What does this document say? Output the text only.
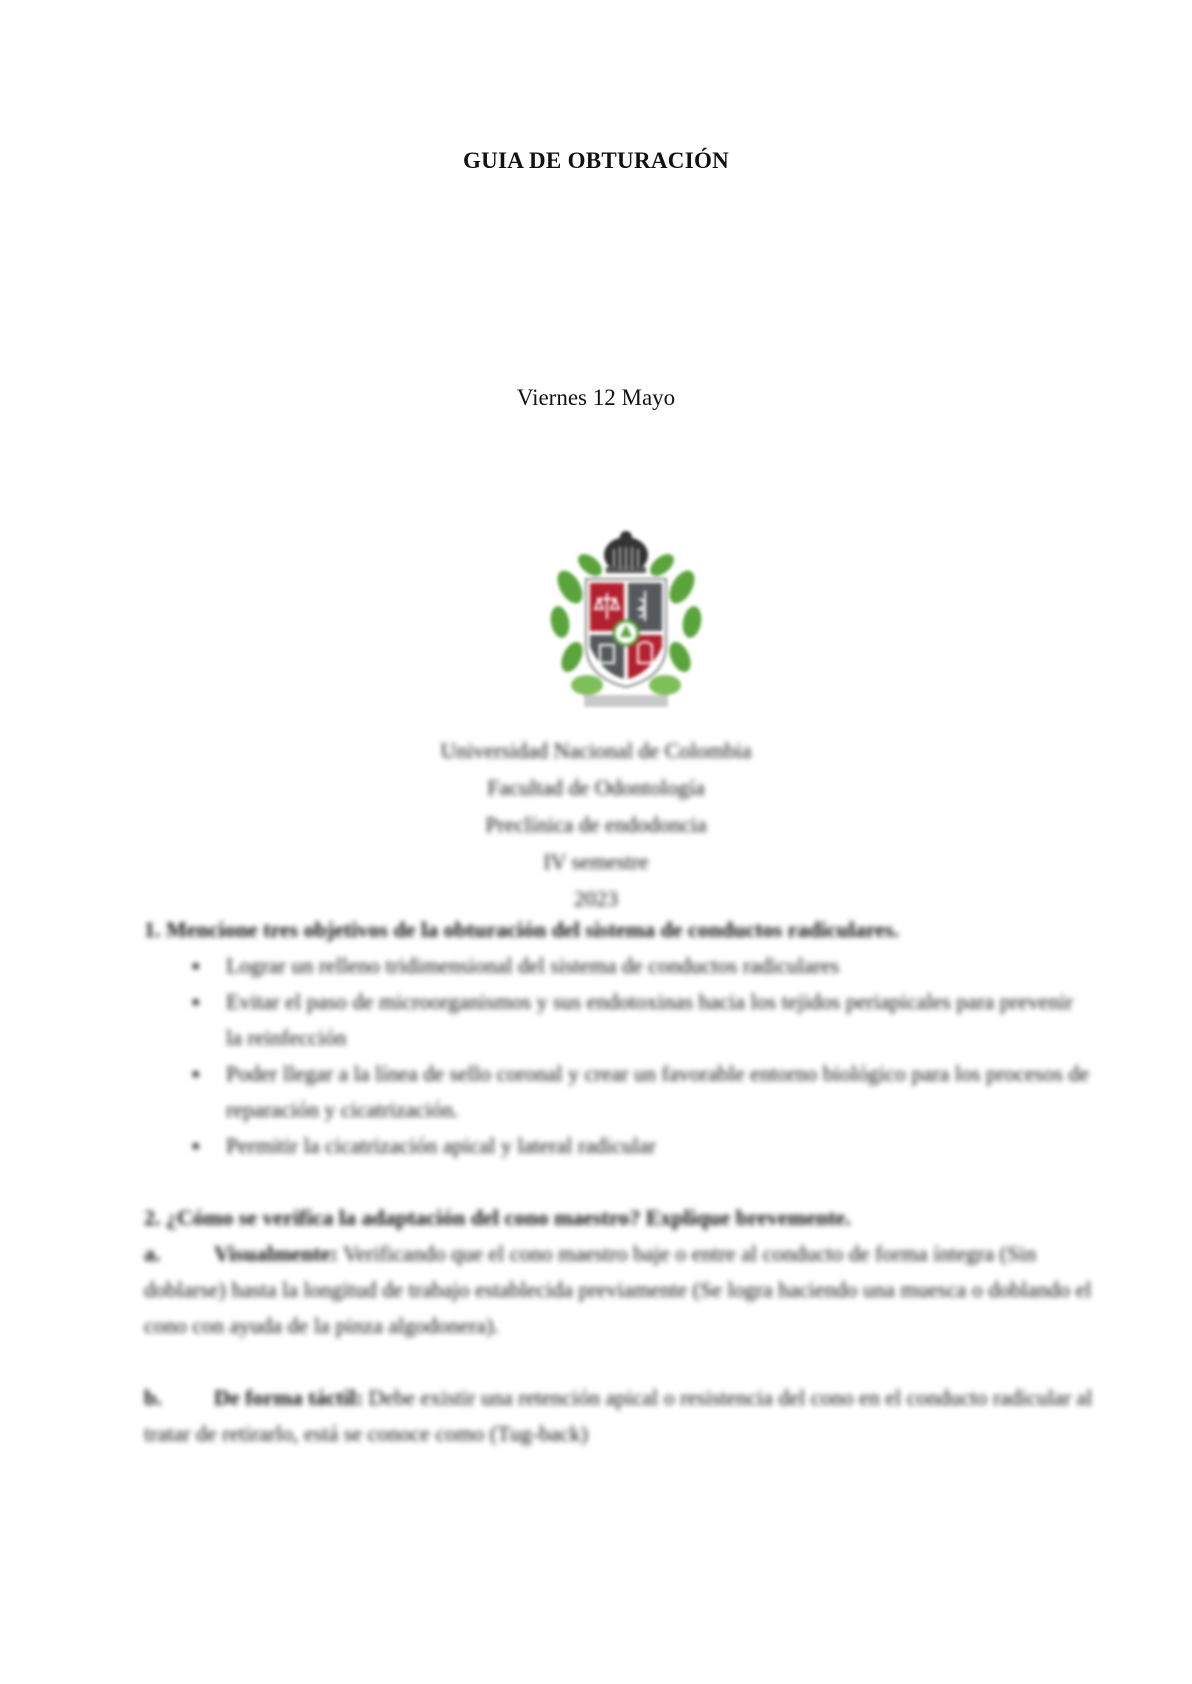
GUIA DE OBTURACIÓN
Viernes 12 Mayo
Universidad Nacional de Colombia
Facultad de Odontología
Preclínica de endodoncia
IV semestre
2023
1. Mencione tres objetivos de la obturación del sistema de conductos radiculares.
▪ Lograr un relleno tridimensional del sistema de conductos radiculares
▪ Evitar el paso de microorganismos y sus endotoxinas hacia los tejidos periapicales para prevenir la reinfección
▪ Poder llegar a la línea de sello coronal y crear un favorable entorno biológico para los procesos de reparación y cicatrización.
▪ Permitir la cicatrización apical y lateral radicular
2. ¿Cómo se verifica la adaptación del cono maestro? Explique brevemente.
a. Visualmente: Verificando que el cono maestro baje o entre al conducto de forma íntegra (Sin doblarse) hasta la longitud de trabajo establecida previamente (Se logra haciendo una muesca o doblando el cono con ayuda de la pinza algodonera).
b. De forma táctil: Debe existir una retención apical o resistencia del cono en el conducto radicular al tratar de retirarlo, está se conoce como (Tug-back)
